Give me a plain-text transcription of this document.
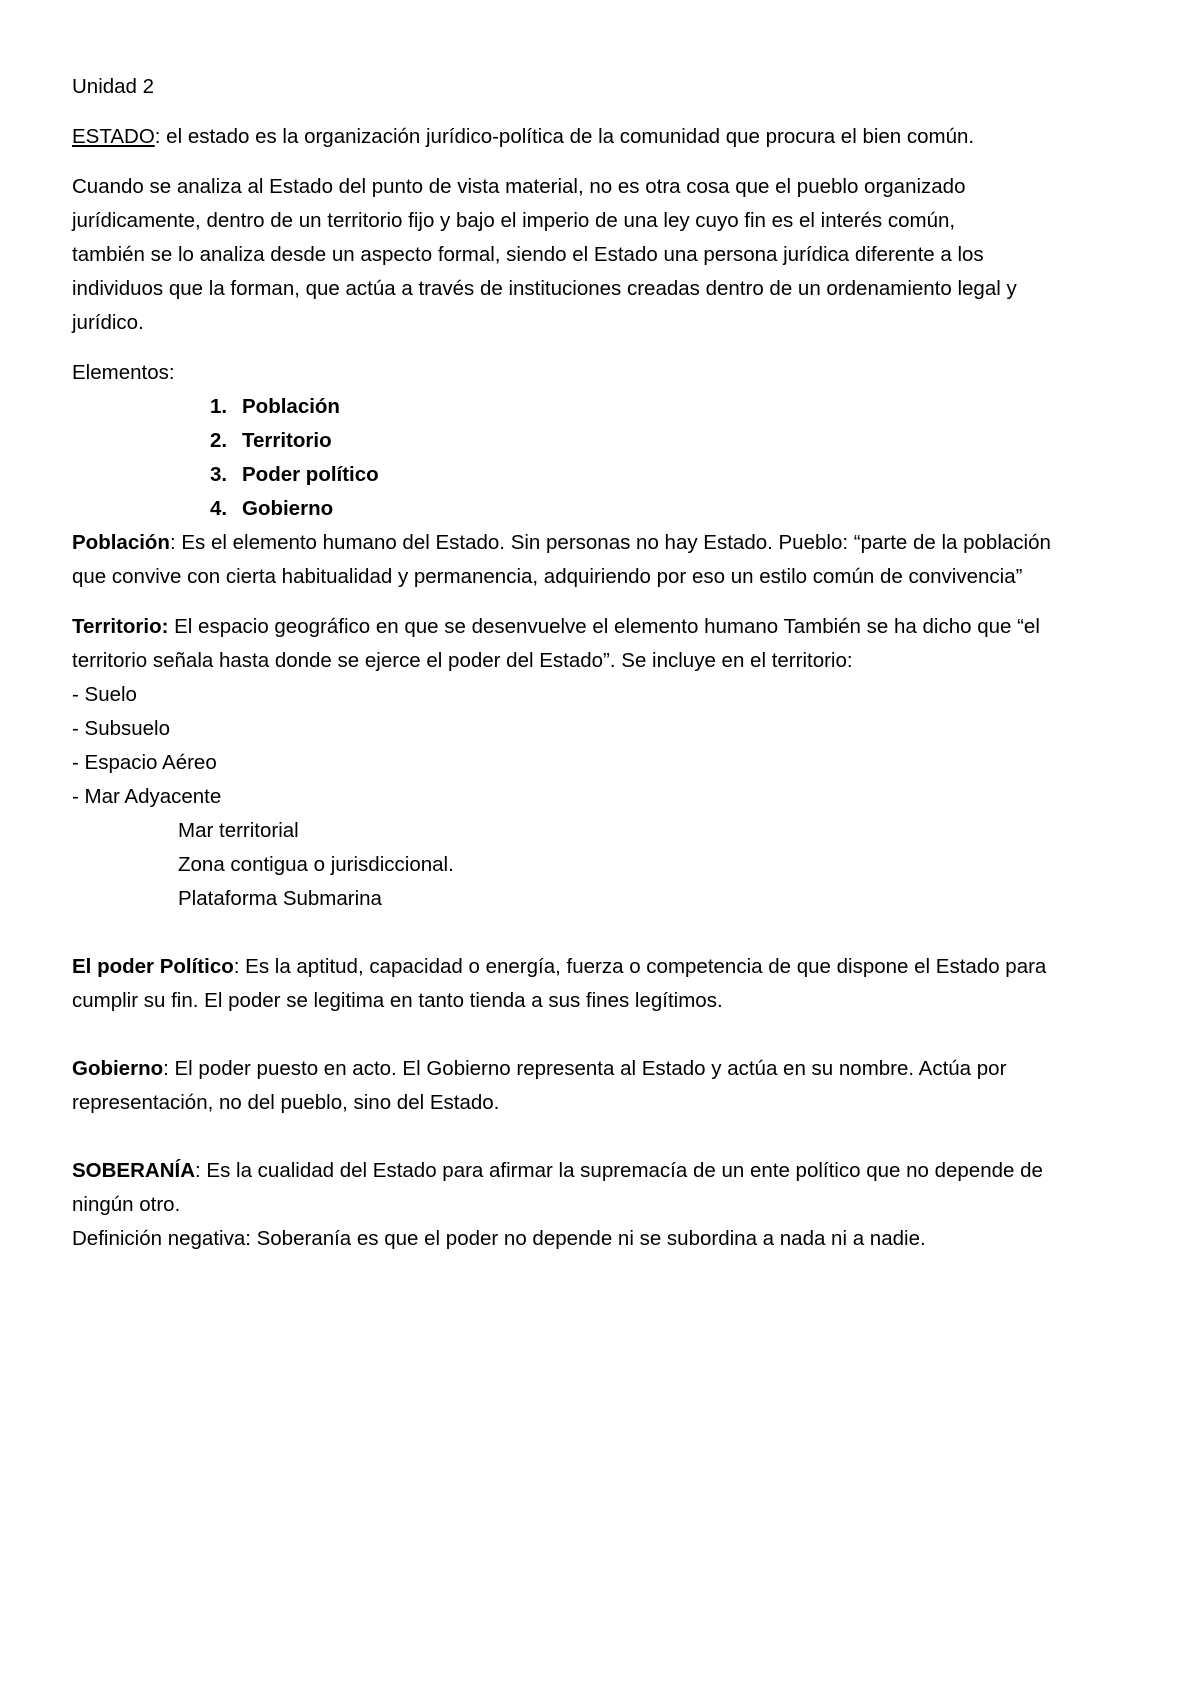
Unidad 2
ESTADO: el estado es la organización jurídico-política de la comunidad que procura el bien común.
Cuando se analiza al Estado del punto de vista material, no es otra cosa que el pueblo organizado
jurídicamente, dentro de un territorio fijo y bajo el imperio de una ley cuyo fin es el interés común,
también se lo analiza desde un aspecto formal, siendo el Estado una persona jurídica diferente a los
individuos que la forman, que actúa a través de instituciones creadas dentro de un ordenamiento legal y
jurídico.
Elementos:
1. Población
2. Territorio
3. Poder político
4. Gobierno
Población: Es el elemento humano del Estado. Sin personas no hay Estado. Pueblo: “parte de la población
que convive con cierta habitualidad y permanencia, adquiriendo por eso un estilo común de convivencia”
Territorio: El espacio geográfico en que se desenvuelve el elemento humano También se ha dicho que “el
territorio señala hasta donde se ejerce el poder del Estado”. Se incluye en el territorio:
- Suelo
- Subsuelo
- Espacio Aéreo
- Mar Adyacente
Mar territorial
Zona contigua o jurisdiccional.
Plataforma Submarina
El poder Político: Es la aptitud, capacidad o energía, fuerza o competencia de que dispone el Estado para
cumplir su fin. El poder se legitima en tanto tienda a sus fines legítimos.
Gobierno: El poder puesto en acto. El Gobierno representa al Estado y actúa en su nombre. Actúa por
representación, no del pueblo, sino del Estado.
SOBERANÍA: Es la cualidad del Estado para afirmar la supremacía de un ente político que no depende de
ningún otro.
Definición negativa: Soberanía es que el poder no depende ni se subordina a nada ni a nadie.
